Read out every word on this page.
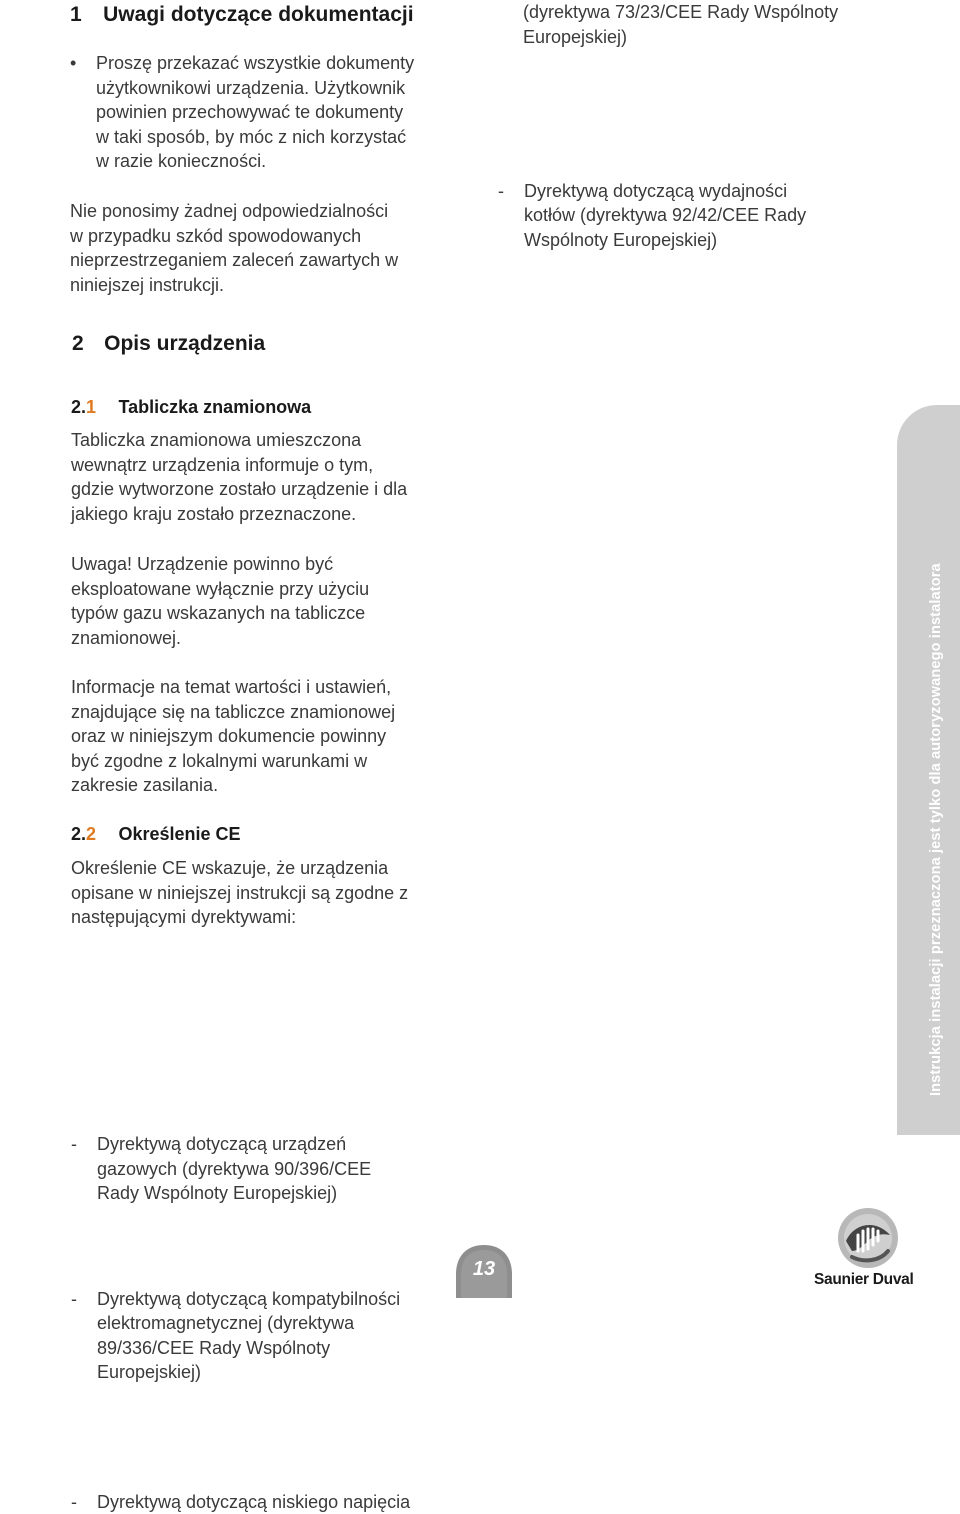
1 Uwagi dotyczące dokumentacji
• Proszę przekazać wszystkie dokumenty

użytkownikowi urządzenia. Użytkownik

powinien przechowywać te dokumenty

w taki sposób, by móc z nich korzystać

w razie konieczności.

Nie ponosimy żadnej odpowiedzialności

w przypadku szkód spowodowanych

nieprzestrzeganiem zaleceń zawartych w

niniejszej instrukcji.

(dyrektywa 73/23/CEE Rady Wspólnoty

Europejskiej)

- Dyrektywą dotyczącą wydajności

kotłów (dyrektywa 92/42/CEE Rady

Wspólnoty Europejskiej)

2 Opis urządzenia
2.1 Tabliczka znamionowa

Tabliczka znamionowa umieszczona

wewnątrz urządzenia informuje o tym,

gdzie wytworzone zostało urządzenie i dla

jakiego kraju zostało przeznaczone.

Uwaga! Urządzenie powinno być

eksploatowane wyłącznie przy użyciu

typów gazu wskazanych na tabliczce

znamionowej.

Informacje na temat wartości i ustawień,

znajdujące się na tabliczce znamionowej

oraz w niniejszym dokumencie powinny

być zgodne z lokalnymi warunkami w

zakresie zasilania.

2.2 Określenie CE

Określenie CE wskazuje, że urządzenia

opisane w niniejszej instrukcji są zgodne z

następującymi dyrektywami:

- Dyrektywą dotyczącą urządzeń

gazowych (dyrektywa 90/396/CEE

Rady Wspólnoty Europejskiej)

- Dyrektywą dotyczącą kompatybilności

elektromagnetycznej (dyrektywa

89/336/CEE Rady Wspólnoty

Europejskiej)

- Dyrektywą dotyczącą niskiego napięcia

Instrukcja instalacji przeznaczona jest tylko dla autoryzowanego instalatora
13	Saunier Duval
